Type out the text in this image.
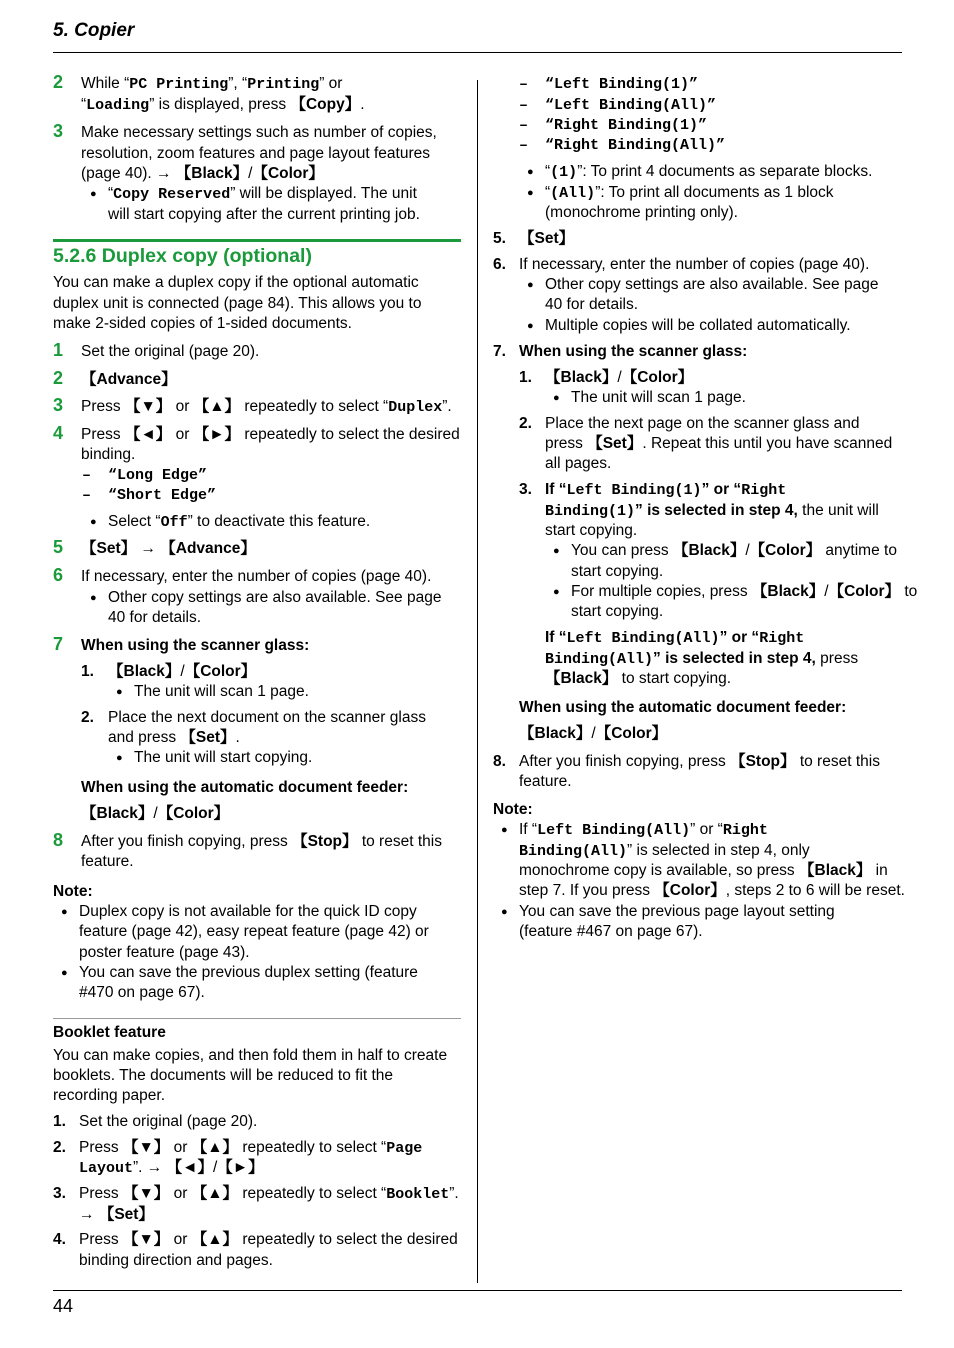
5. Copier
44
2 While “PC Printing”, “Printing” or
“Loading” is displayed, press 【Copy】.
3 Make necessary settings such as number of copies,
resolution, zoom features and page layout features
(page 40). → 【Black】/【Color】
● “Copy Reserved” will be displayed. The unit
will start copying after the current printing job.
5.2.6 Duplex copy (optional)
You can make a duplex copy if the optional automatic
duplex unit is connected (page 84). This allows you to
make 2-sided copies of 1-sided documents.
1 Set the original (page 20).
2 【Advance】
3 Press 【▼】 or 【▲】 repeatedly to select “Duplex”.
4 Press 【◄】 or 【►】 repeatedly to select the desired
binding.
– “Long Edge”
– “Short Edge”
● Select “Off” to deactivate this feature.
5 【Set】 → 【Advance】
6 If necessary, enter the number of copies (page 40).
● Other copy settings are also available. See page
40 for details.
7 When using the scanner glass:
1. 【Black】/【Color】
● The unit will scan 1 page.
2. Place the next document on the scanner glass
and press 【Set】.
● The unit will start copying.
When using the automatic document feeder:
【Black】/【Color】
8 After you finish copying, press 【Stop】 to reset this
feature.
Note:
● Duplex copy is not available for the quick ID copy
feature (page 42), easy repeat feature (page 42) or
poster feature (page 43).
● You can save the previous duplex setting (feature
#470 on page 67).
Booklet feature
You can make copies, and then fold them in half to create
booklets. The documents will be reduced to fit the
recording paper.
1. Set the original (page 20).
2. Press 【▼】 or 【▲】 repeatedly to select “Page
Layout”. → 【◄】/【►】
3. Press 【▼】 or 【▲】 repeatedly to select “Booklet”.
→ 【Set】
4. Press 【▼】 or 【▲】 repeatedly to select the desired
binding direction and pages.
– “Left Binding(1)”
– “Left Binding(All)”
– “Right Binding(1)”
– “Right Binding(All)”
● “(1)”: To print 4 documents as separate blocks.
● “(All)”: To print all documents as 1 block
(monochrome printing only).
5. 【Set】
6. If necessary, enter the number of copies (page 40).
● Other copy settings are also available. See page
40 for details.
● Multiple copies will be collated automatically.
7. When using the scanner glass:
1. 【Black】/【Color】
● The unit will scan 1 page.
2. Place the next page on the scanner glass and
press 【Set】. Repeat this until you have scanned
all pages.
3. If “Left Binding(1)” or “Right
Binding(1)” is selected in step 4, the unit will
start copying.
● You can press 【Black】/【Color】 anytime to
start copying.
● For multiple copies, press 【Black】/【Color】 to
start copying.
If “Left Binding(All)” or “Right
Binding(All)” is selected in step 4, press
【Black】 to start copying.
When using the automatic document feeder:
【Black】/【Color】
8. After you finish copying, press 【Stop】 to reset this
feature.
Note:
● If “Left Binding(All)” or “Right
Binding(All)” is selected in step 4, only
monochrome copy is available, so press 【Black】 in
step 7. If you press 【Color】, steps 2 to 6 will be reset.
● You can save the previous page layout setting
(feature #467 on page 67).
